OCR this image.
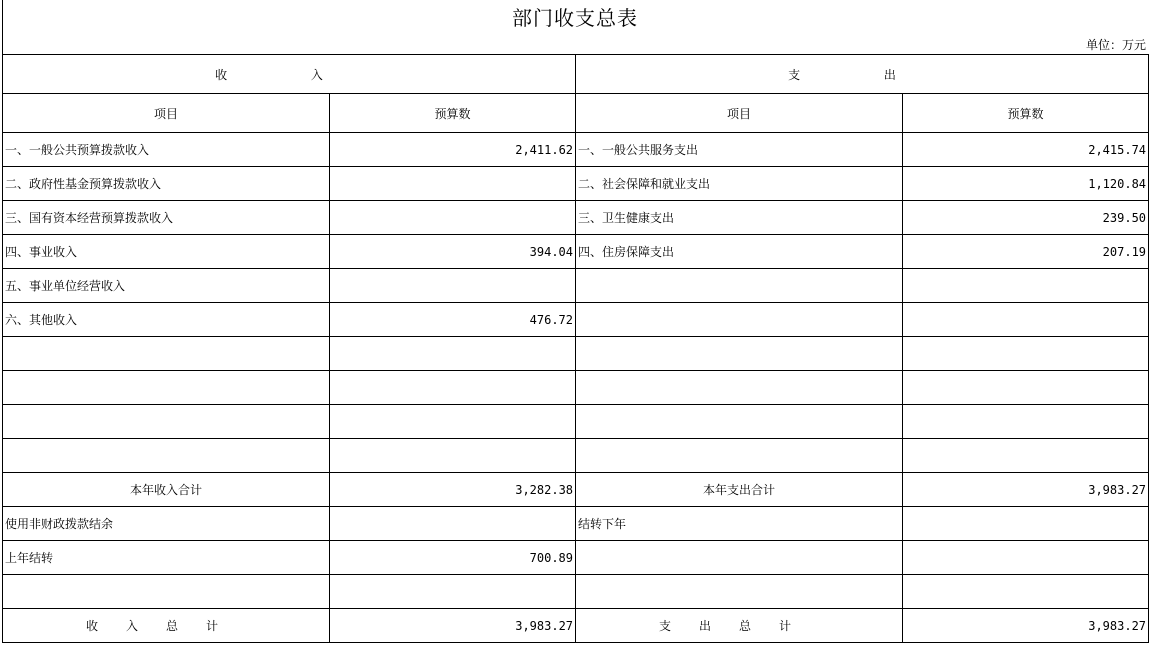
部门收支总表
单位：万元
收 入		支 出	
项目	预算数	项目	预算数
一、一般公共预算拨款收入	2,411.62	一、一般公共服务支出	2,415.74
二、政府性基金预算拨款收入		二、社会保障和就业支出	1,120.84
三、国有资本经营预算拨款收入		三、卫生健康支出	239.50
四、事业收入	394.04	四、住房保障支出	207.19
五、事业单位经营收入			
六、其他收入	476.72		

本年收入合计	3,282.38	本年支出合计	3,983.27
使用非财政拨款结余		结转下年	
上年结转	700.89		

收入总计	3,983.27	支出总计	3,983.27
